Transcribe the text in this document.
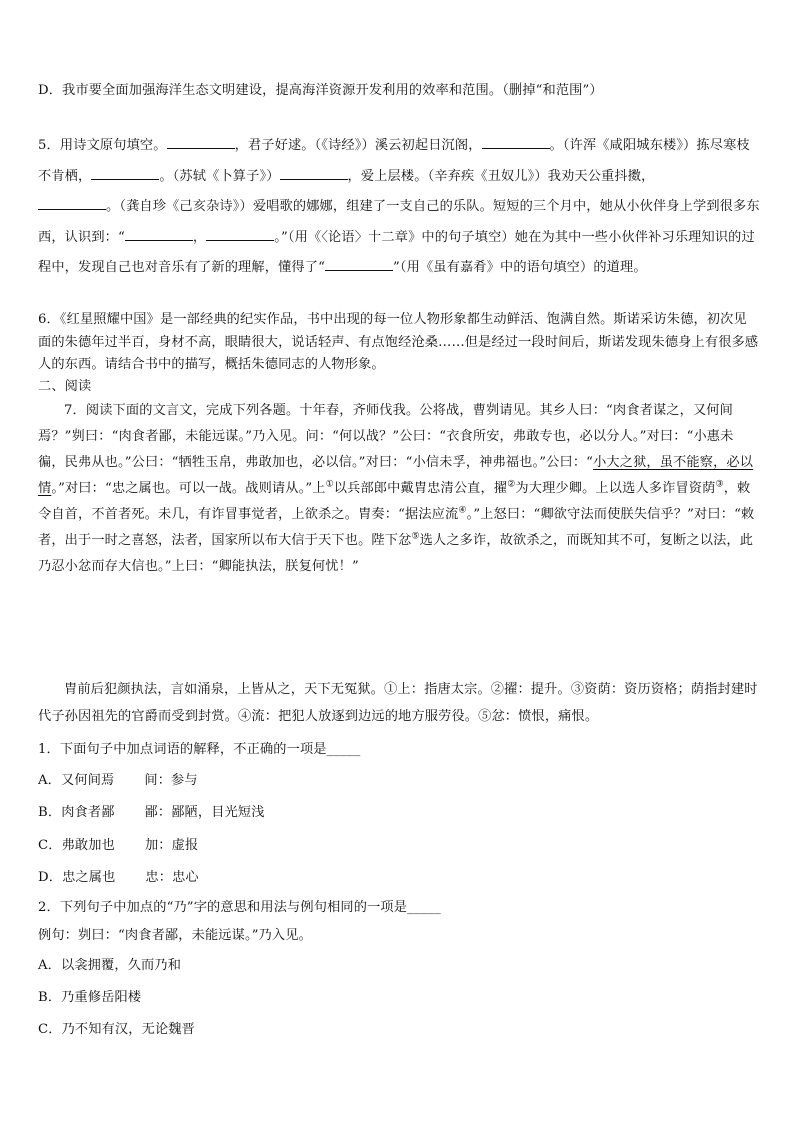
D．我市要全面加强海洋生态文明建设，提高海洋资源开发利用的效率和范围。（删掉“和范围”）
5．用诗文原句填空。	，君子好逑。（《诗经》）溪云初起日沉阁，	。（许浑《咸阳城东楼》）拣尽寒枝不肯栖，	。（苏轼《卜算子》）	，爱上层楼。（辛弃疾《丑奴儿》）我劝天公重抖擞，
。（龚自珍《己亥杂诗》）爱唱歌的娜娜，组建了一支自己的乐队。短短的三个月中，她从小伙伴身上学到很多东西，认识到：“	，	。”（用《〈论语〉十二章》中的句子填空）她在为其中一些小伙伴补习乐理知识的过程中，发现自己也对音乐有了新的理解，懂得了“	”（用《虽有嘉肴》中的语句填空）的道理。
6．《红星照耀中国》是一部经典的纪实作品，书中出现的每一位人物形象都生动鲜活、饱满自然。斯诺采访朱德，初次见面的朱德年过半百，身材不高，眼睛很大，说话轻声、有点饱经沧桑……但是经过一段时间后，斯诺发现朱德身上有很多感人的东西。请结合书中的描写，概括朱德同志的人物形象。
二、阅读
7．阅读下面的文言文，完成下列各题。十年春，齐师伐我。公将战，曹刿请见。其乡人曰：“肉食者谋之，又何间焉？”刿曰：“肉食者鄙，未能远谋。”乃入见。问：“何以战？”公曰：“衣食所安，弗敢专也，必以分人。”对曰：“小惠未徧，民弗从也。”公曰：“牺牲玉帛，弗敢加也，必以信。”对曰：“小信未孚，神弗福也。”公曰：“小大之狱，虽不能察，必以情。”对曰：“忠之属也。可以一战。战则请从。”上①以兵部郎中戴胄忠清公直，擢②为大理少卿。上以选人多诈冒资荫③，敕令自首，不首者死。未几，有诈冒事觉者，上欲杀之。胄奏：“据法应流④。”上怒曰：“卿欲守法而使朕失信乎？”对曰：“敕者，出于一时之喜怒，法者，国家所以布大信于天下也。陛下忿⑤选人之多诈，故欲杀之，而既知其不可，复断之以法，此乃忍小忿而存大信也。”上曰：“卿能执法，朕复何忧！”
胄前后犯颜执法，言如涌泉，上皆从之，天下无冤狱。①上：指唐太宗。②擢：提升。③资荫：资历资格；荫指封建时代子孙因祖先的官爵而受到封赏。④流：把犯人放逐到边远的地方服劳役。⑤忿：愤恨，痛恨。
1．下面句子中加点词语的解释，不正确的一项是_____
A．又何间焉 间：参与
B．肉食者鄙 鄙：鄙陋，目光短浅
C．弗敢加也 加：虚报
D．忠之属也 忠：忠心
2．下列句子中加点的“乃”字的意思和用法与例句相同的一项是_____
例句：刿曰：“肉食者鄙，未能远谋。”乃入见。
A．以衾拥覆，久而乃和
B．乃重修岳阳楼
C．乃不知有汉，无论魏晋
